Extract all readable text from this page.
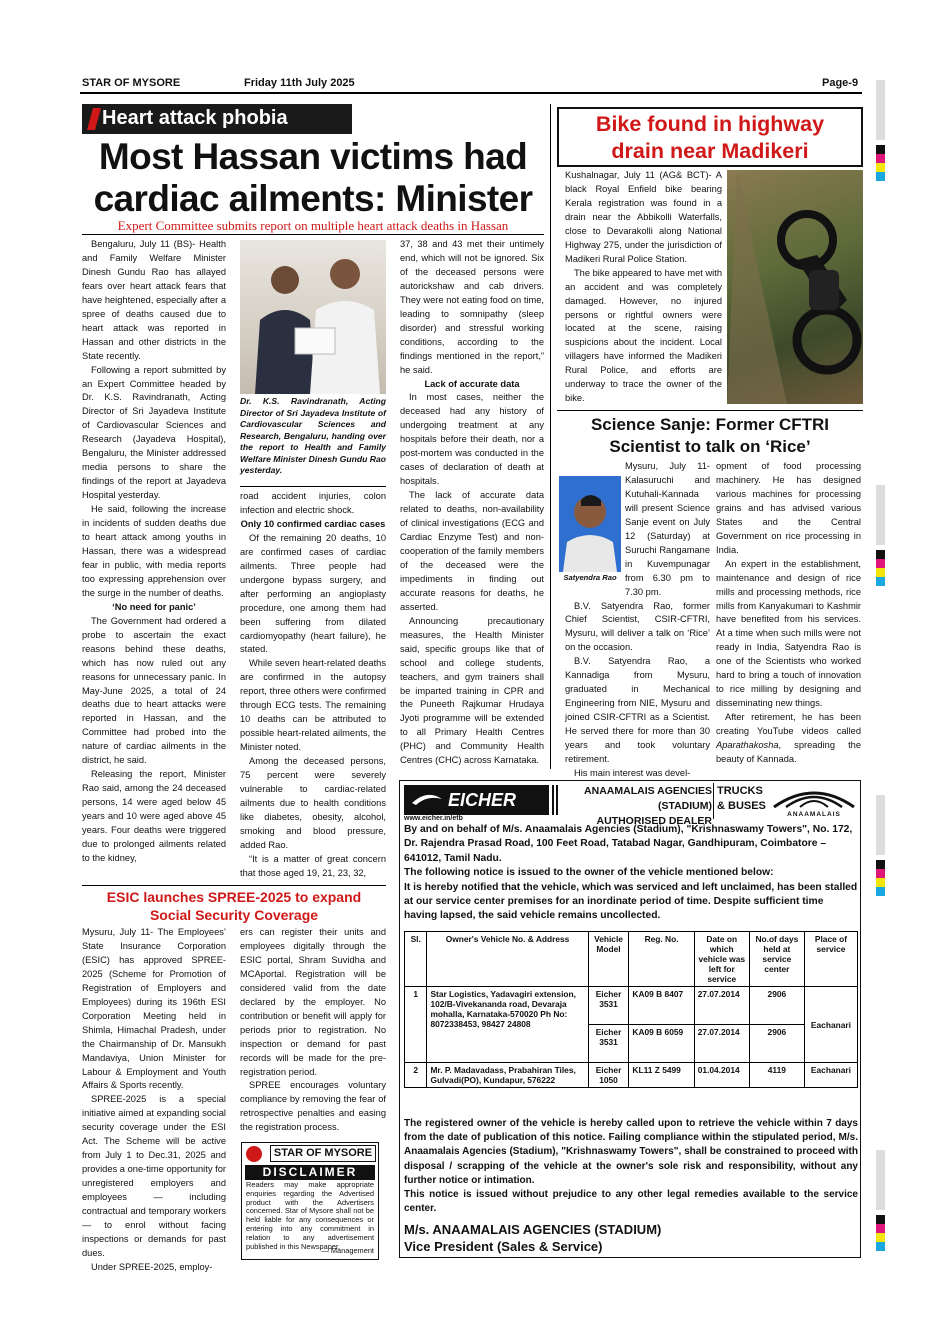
STAR OF MYSORE	Friday 11th July 2025	Page-9
Heart attack phobia
Most Hassan victims had
cardiac ailments: Minister
Expert Committee submits report on multiple heart attack deaths in Hassan

Bengaluru, July 11 (BS)- Health and Family Welfare Minister Dinesh Gundu Rao has allayed fears over heart attack fears that have heightened, especially after a spree of deaths caused due to heart attack was reported in Hassan and other districts in the State recently.

Following a report submitted by an Expert Committee headed by Dr. K.S. Ravindranath, Acting Director of Sri Jayadeva Institute of Cardiovascular Sciences and Research (Jayadeva Hospital), Bengaluru, the Minister addressed media persons to share the findings of the report at Jayadeva Hospital yesterday.

He said, following the increase in incidents of sudden deaths due to heart attack among youths in Hassan, there was a widespread fear in public, with media reports too expressing apprehension over the surge in the number of deaths.

‘No need for panic’

The Government had ordered a probe to ascertain the exact reasons behind these deaths, which has now ruled out any reasons for unnecessary panic. In May-June 2025, a total of 24 deaths due to heart attacks were reported in Hassan, and the Committee had probed into the nature of cardiac ailments in the district, he said.

Releasing the report, Minister Rao said, among the 24 deceased persons, 14 were aged below 45 years and 10 were aged above 45 years. Four deaths were triggered due to prolonged ailments related to the kidney,

Dr. K.S. Ravindranath, Acting Director of Sri Jayadeva Institute of Cardiovascular Sciences and Research, Bengaluru, handing over the report to Health and Family Welfare Minister Dinesh Gundu Rao yesterday.
road accident injuries, colon infection and electric shock.
Only 10 confirmed cardiac cases

Of the remaining 20 deaths, 10 are confirmed cases of cardiac ailments. Three people had undergone bypass surgery, and after performing an angioplasty procedure, one among them had been suffering from dilated cardiomyopathy (heart failure), he stated.

While seven heart-related deaths are confirmed in the autopsy report, three others were confirmed through ECG tests. The remaining 10 deaths can be attributed to possible heart-related ailments, the Minister noted.

Among the deceased persons, 75 percent were severely vulnerable to cardiac-related ailments due to health conditions like diabetes, obesity, alcohol, smoking and blood pressure, added Rao.

“It is a matter of great concern that those aged 19, 21, 23, 32,

37, 38 and 43 met their untimely end, which will not be ignored. Six of the deceased persons were autorickshaw and cab drivers. They were not eating food on time, leading to somnipathy (sleep disorder) and stressful working conditions, according to the findings mentioned in the report,” he said.
Lack of accurate data

In most cases, neither the deceased had any history of undergoing treatment at any hospitals before their death, nor a post-mortem was conducted in the cases of declaration of death at hospitals.

The lack of accurate data related to deaths, non-availability of clinical investigations (ECG and Cardiac Enzyme Test) and non-cooperation of the family members of the deceased were the impediments in finding out accurate reasons for deaths, he asserted.

Announcing precautionary measures, the Health Minister said, specific groups like that of school and college students, teachers, and gym trainers shall be imparted training in CPR and the Puneeth Rajkumar Hrudaya Jyoti programme will be extended to all Primary Health Centres (PHC) and Community Health Centres (CHC) across Karnataka.

Bike found in highway
drain near Madikeri
Kushalnagar, July 11 (AG& BCT)- A black Royal Enfield bike bearing Kerala registration was found in a drain near the Abbikolli Waterfalls, close to Devarakolli along National Highway 275, under the jurisdiction of Madikeri Rural Police Station.

The bike appeared to have met with an accident and was completely damaged. However, no injured persons or rightful owners were located at the scene, raising suspicions about the incident. Local villagers have informed the Madikeri Rural Police, and efforts are underway to trace the owner of the bike.

Science Sanje: Former CFTRI
Scientist to talk on ‘Rice’
Satyendra Rao
Mysuru, July 11- Kalasuruchi and Kutuhali-Kannada will present Science Sanje event on July 12 (Saturday) at Suruchi Rangamane in Kuvempunagar from 6.30 pm to 7.30 pm.

B.V. Satyendra Rao, former Chief Scientist, CSIR-CFTRI, Mysuru, will deliver a talk on ‘Rice’ on the occasion.

B.V. Satyendra Rao, a Kannadiga from Mysuru, graduated in Mechanical Engineering from NIE, Mysuru and joined CSIR-CFTRI as a Scientist. He served there for more than 30 years and took voluntary retirement.

His main interest was devel-

opment of food processing machinery. He has designed various machines for processing grains and has advised various States and the Central Government on rice processing in India.

An expert in the establishment, maintenance and design of rice mills and processing methods, rice mills from Kanyakumari to Kashmir have benefited from his services. At a time when such mills were not ready in India, Satyendra Rao is one of the Scientists who worked hard to bring a touch of innovation to rice milling by designing and disseminating new things.

After retirement, he has been creating YouTube videos called Aparathakosha, spreading the beauty of Kannada.

ESIC launches SPREE-2025 to expand
Social Security Coverage
Mysuru, July 11- The Employees’ State Insurance Corporation (ESIC) has approved SPREE-2025 (Scheme for Promotion of Registration of Employers and Employees) during its 196th ESI Corporation Meeting held in Shimla, Himachal Pradesh, under the Chairmanship of Dr. Mansukh Mandaviya, Union Minister for Labour & Employment and Youth Affairs & Sports recently.

SPREE-2025 is a special initiative aimed at expanding social security coverage under the ESI Act. The Scheme will be active from July 1 to Dec.31, 2025 and provides a one-time opportunity for unregistered employers and employees — including contractual and temporary workers — to enrol without facing inspections or demands for past dues.

Under SPREE-2025, employ-

ers can register their units and employees digitally through the ESIC portal, Shram Suvidha and MCAportal. Registration will be considered valid from the date declared by the employer. No contribution or benefit will apply for periods prior to registration. No inspection or demand for past records will be made for the pre-registration period.

SPREE encourages voluntary compliance by removing the fear of retrospective penalties and easing the registration process.

STAR OF MYSORE
DISCLAIMER
Readers may make appropriate enquiries regarding the Advertised product with the Advertisers concerned. Star of Mysore shall not be held liable for any consequences or entering into any commitment in relation to any advertisement published in this Newspaper.
— Management
EICHER
www.eicher.in/etb
ANAAMALAIS AGENCIES (STADIUM)
AUTHORISED DEALER
TRUCKS
& BUSES
ANAAMALAIS
By and on behalf of M/s. Anaamalais Agencies (Stadium), "Krishnaswamy Towers", No. 172, Dr. Rajendra Prasad Road, 100 Feet Road, Tatabad Nagar, Gandhipuram, Coimbatore – 641012, Tamil Nadu.
The following notice is issued to the owner of the vehicle mentioned below:
It is hereby notified that the vehicle, which was serviced and left unclaimed, has been stalled at our service center premises for an inordinate period of time. Despite sufficient time having lapsed, the said vehicle remains uncollected.
Sl.	Owner's Vehicle No. & Address	Vehicle Model	Reg. No.	Date on which vehicle was left for service	No.of days held at service center	Place of service
1	Star Logistics, Yadavagiri extension, 102/B-Vivekananda road, Devaraja mohalla, Karnataka-570020 Ph No: 8072338453, 98427 24808	Eicher 3531	KA09 B 8407	27.07.2014	2906	Eachanari
		Eicher 3531	KA09 B 6059	27.07.2014	2906	
2	Mr. P. Madavadass, Prabahiran Tiles, Gulvadi(PO), Kundapur, 576222	Eicher 1050	KL11 Z 5499	01.04.2014	4119	Eachanari
The registered owner of the vehicle is hereby called upon to retrieve the vehicle within 7 days from the date of publication of this notice. Failing compliance within the stipulated period, M/s. Anaamalais Agencies (Stadium), "Krishnaswamy Towers", shall be constrained to proceed with disposal / scrapping of the vehicle at the owner's sole risk and responsibility, without any further notice or intimation.
This notice is issued without prejudice to any other legal remedies available to the service center.
M/s. ANAAMALAIS AGENCIES (STADIUM)
Vice President (Sales & Service)
